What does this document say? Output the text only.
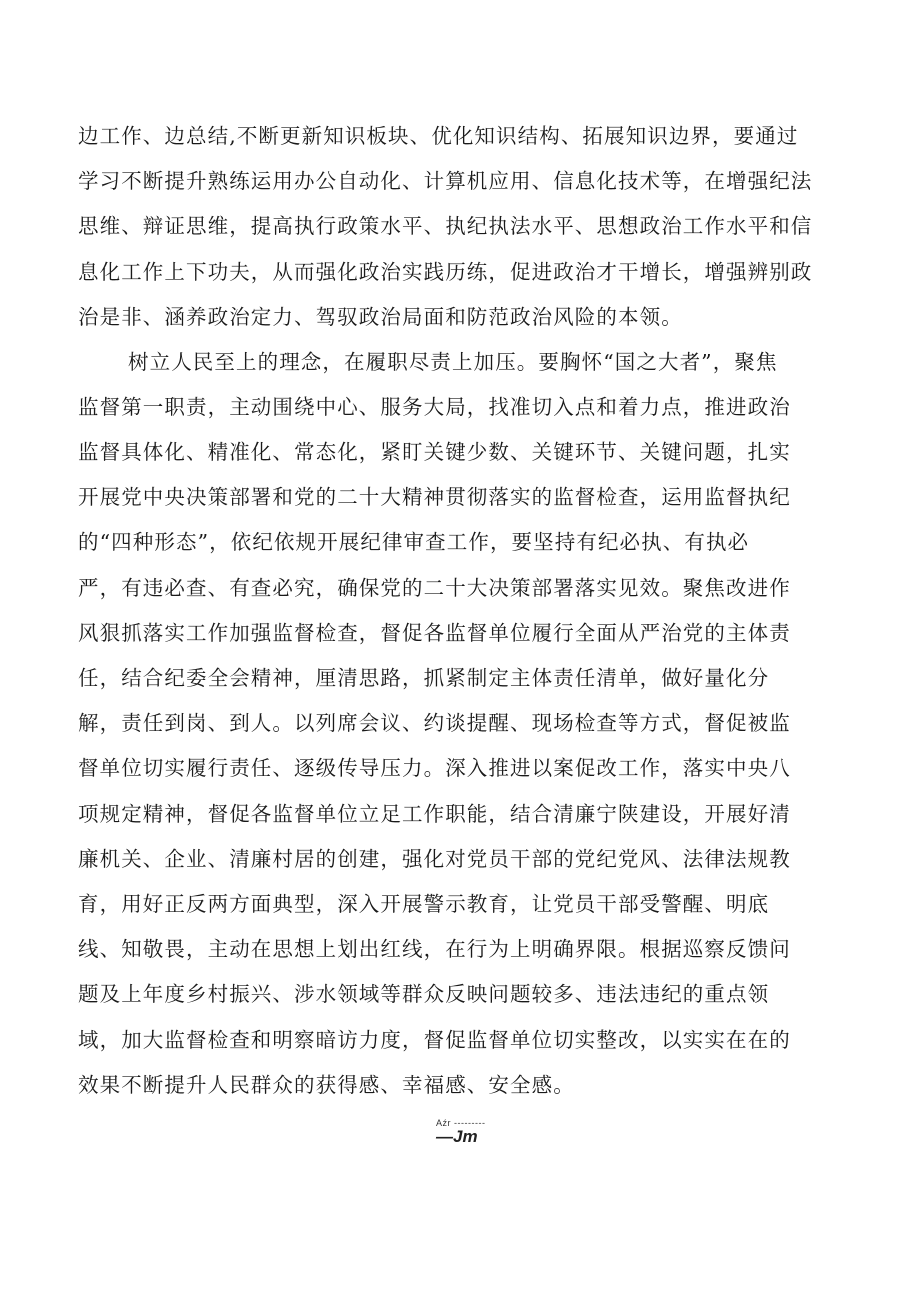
边工作、边总结,不断更新知识板块、优化知识结构、拓展知识边界，要通过
学习不断提升熟练运用办公自动化、计算机应用、信息化技术等，在增强纪法
思维、辩证思维，提高执行政策水平、执纪执法水平、思想政治工作水平和信
息化工作上下功夫，从而强化政治实践历练，促进政治才干增长，增强辨别政
治是非、涵养政治定力、驾驭政治局面和防范政治风险的本领。
树立人民至上的理念，在履职尽责上加压。要胸怀“国之大者”，聚焦
监督第一职责，主动围绕中心、服务大局，找准切入点和着力点，推进政治
监督具体化、精准化、常态化，紧盯关键少数、关键环节、关键问题，扎实
开展党中央决策部署和党的二十大精神贯彻落实的监督检查，运用监督执纪
的“四种形态”，依纪依规开展纪律审查工作，要坚持有纪必执、有执必
严，有违必查、有查必究，确保党的二十大决策部署落实见效。聚焦改进作
风狠抓落实工作加强监督检查，督促各监督单位履行全面从严治党的主体责
任，结合纪委全会精神，厘清思路，抓紧制定主体责任清单，做好量化分
解，责任到岗、到人。以列席会议、约谈提醒、现场检查等方式，督促被监
督单位切实履行责任、逐级传导压力。深入推进以案促改工作，落实中央八
项规定精神，督促各监督单位立足工作职能，结合清廉宁陕建设，开展好清
廉机关、企业、清廉村居的创建，强化对党员干部的党纪党风、法律法规教
育，用好正反两方面典型，深入开展警示教育，让党员干部受警醒、明底
线、知敬畏，主动在思想上划出红线，在行为上明确界限。根据巡察反馈问
题及上年度乡村振兴、涉水领域等群众反映问题较多、违法违纪的重点领
域，加大监督检查和明察暗访力度，督促监督单位切实整改，以实实在在的
效果不断提升人民群众的获得感、幸福感、安全感。
Aźr ---------
—Jm
